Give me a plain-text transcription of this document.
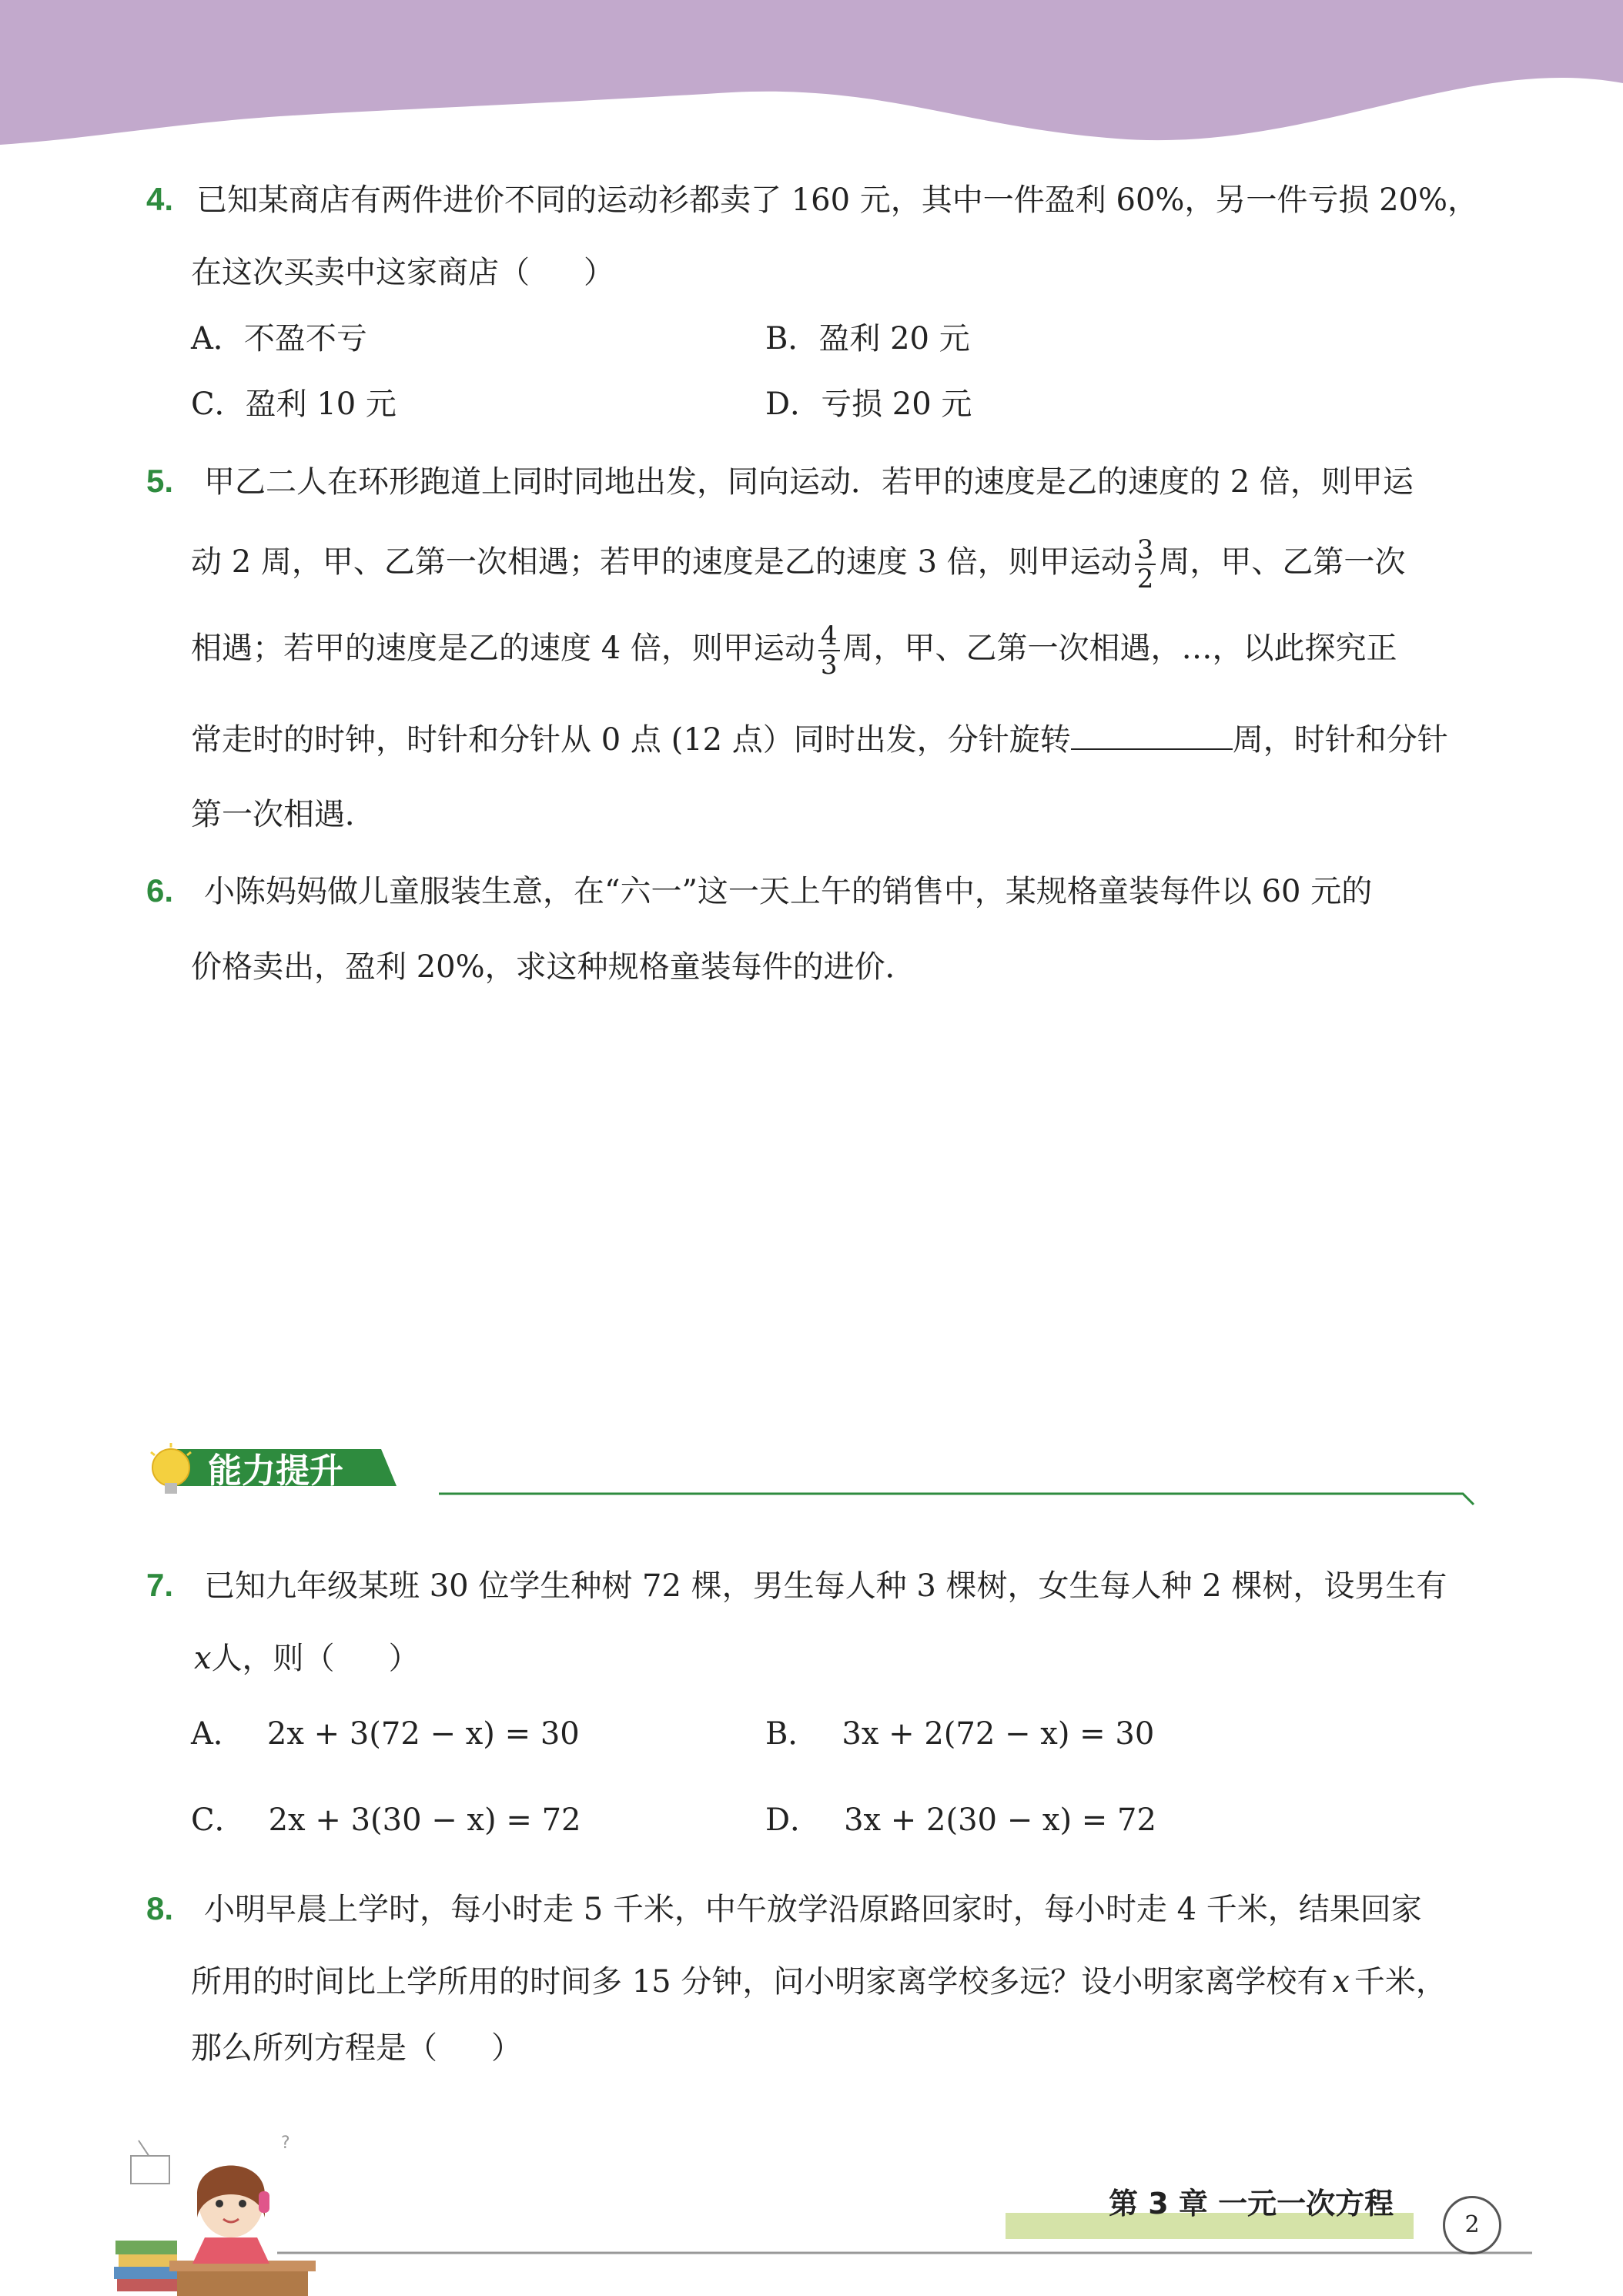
4. 已知某商店有两件进价不同的运动衫都卖了 160 元，其中一件盈利 60%，另一件亏损 20%，
在这次买卖中这家商店（ ）
A．不盈不亏	B．盈利 20 元
C．盈利 10 元	D．亏损 20 元
5. 甲乙二人在环形跑道上同时同地出发，同向运动．若甲的速度是乙的速度的 2 倍，则甲运
动 2 周，甲、乙第一次相遇；若甲的速度是乙的速度 3 倍，则甲运动 $\frac{3}{2}$ 周，甲、乙第一次
相遇；若甲的速度是乙的速度 4 倍，则甲运动 $\frac{4}{3}$ 周，甲、乙第一次相遇，…，以此探究正
常走时的时钟，时针和分针从 0 点 (12 点）同时出发，分针旋转	周，时针和分针
第一次相遇．
6. 小陈妈妈做儿童服装生意，在“六一”这一天上午的销售中，某规格童装每件以 60 元的
价格卖出，盈利 20%，求这种规格童装每件的进价．
能力提升
7. 已知九年级某班 30 位学生种树 72 棵，男生每人种 3 棵树，女生每人种 2 棵树，设男生有
x人，则（ ）
A． 2x + 3(72 − x) = 30	B． 3x + 2(72 − x) = 30
C． 2x + 3(30 − x) = 72	D． 3x + 2(30 − x) = 72
8. 小明早晨上学时，每小时走 5 千米，中午放学沿原路回家时，每小时走 4 千米，结果回家
所用的时间比上学所用的时间多 15 分钟，问小明家离学校多远？设小明家离学校有 x 千米，
那么所列方程是（ ）
?
第 3 章 一元一次方程
2
